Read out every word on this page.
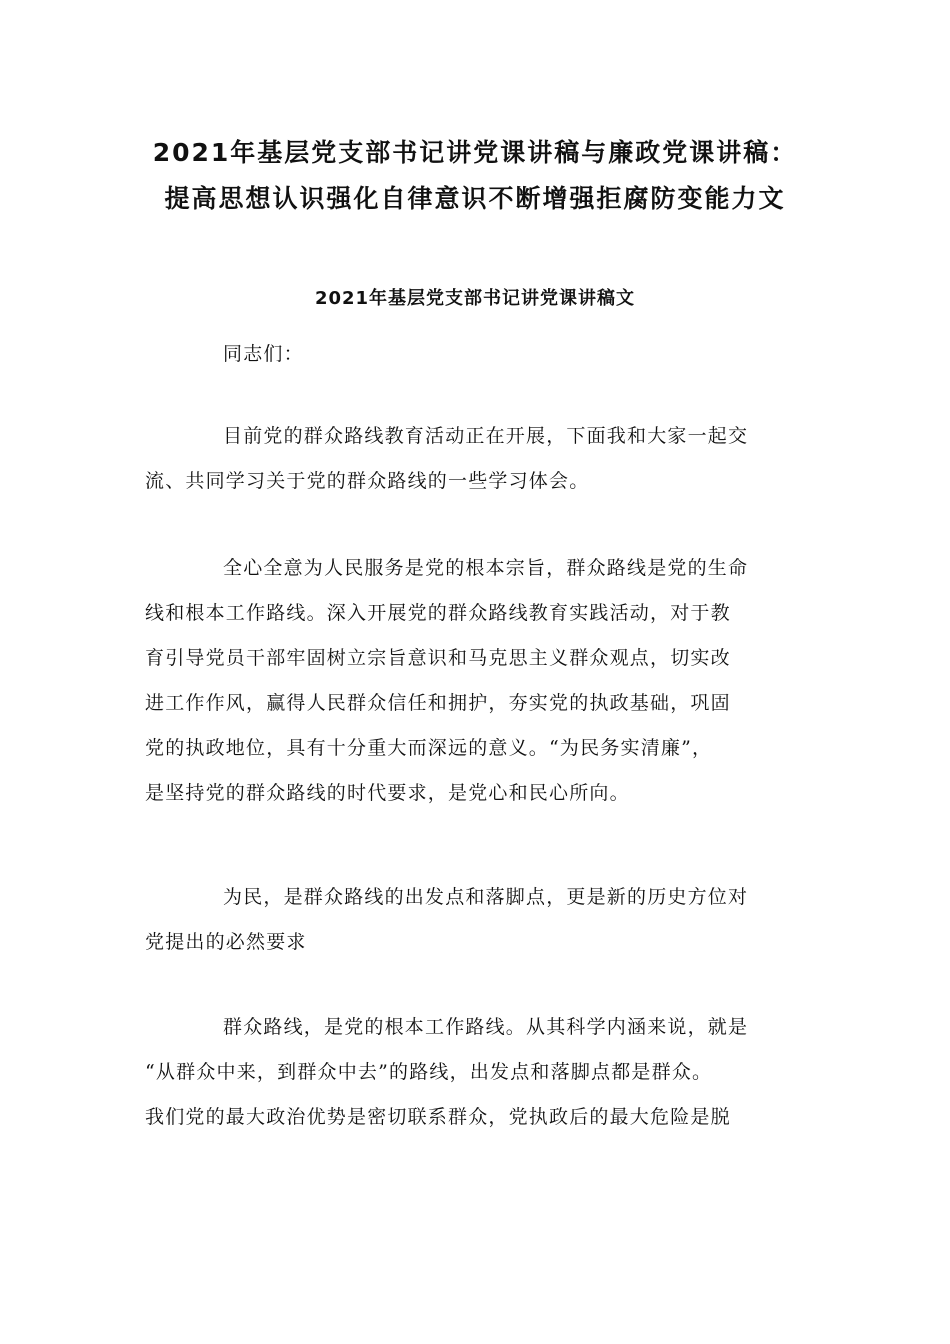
2021年基层党支部书记讲党课讲稿与廉政党课讲稿：
提高思想认识强化自律意识不断增强拒腐防变能力文
2021年基层党支部书记讲党课讲稿文

同志们：

目前党的群众路线教育活动正在开展，下面我和大家一起交
流、共同学习关于党的群众路线的一些学习体会。

全心全意为人民服务是党的根本宗旨，群众路线是党的生命
线和根本工作路线。深入开展党的群众路线教育实践活动，对于教
育引导党员干部牢固树立宗旨意识和马克思主义群众观点，切实改
进工作作风，赢得人民群众信任和拥护，夯实党的执政基础，巩固
党的执政地位，具有十分重大而深远的意义。“为民务实清廉”，
是坚持党的群众路线的时代要求，是党心和民心所向。

为民，是群众路线的出发点和落脚点，更是新的历史方位对
党提出的必然要求

群众路线，是党的根本工作路线。从其科学内涵来说，就是
“从群众中来，到群众中去”的路线，出发点和落脚点都是群众。
我们党的最大政治优势是密切联系群众，党执政后的最大危险是脱
